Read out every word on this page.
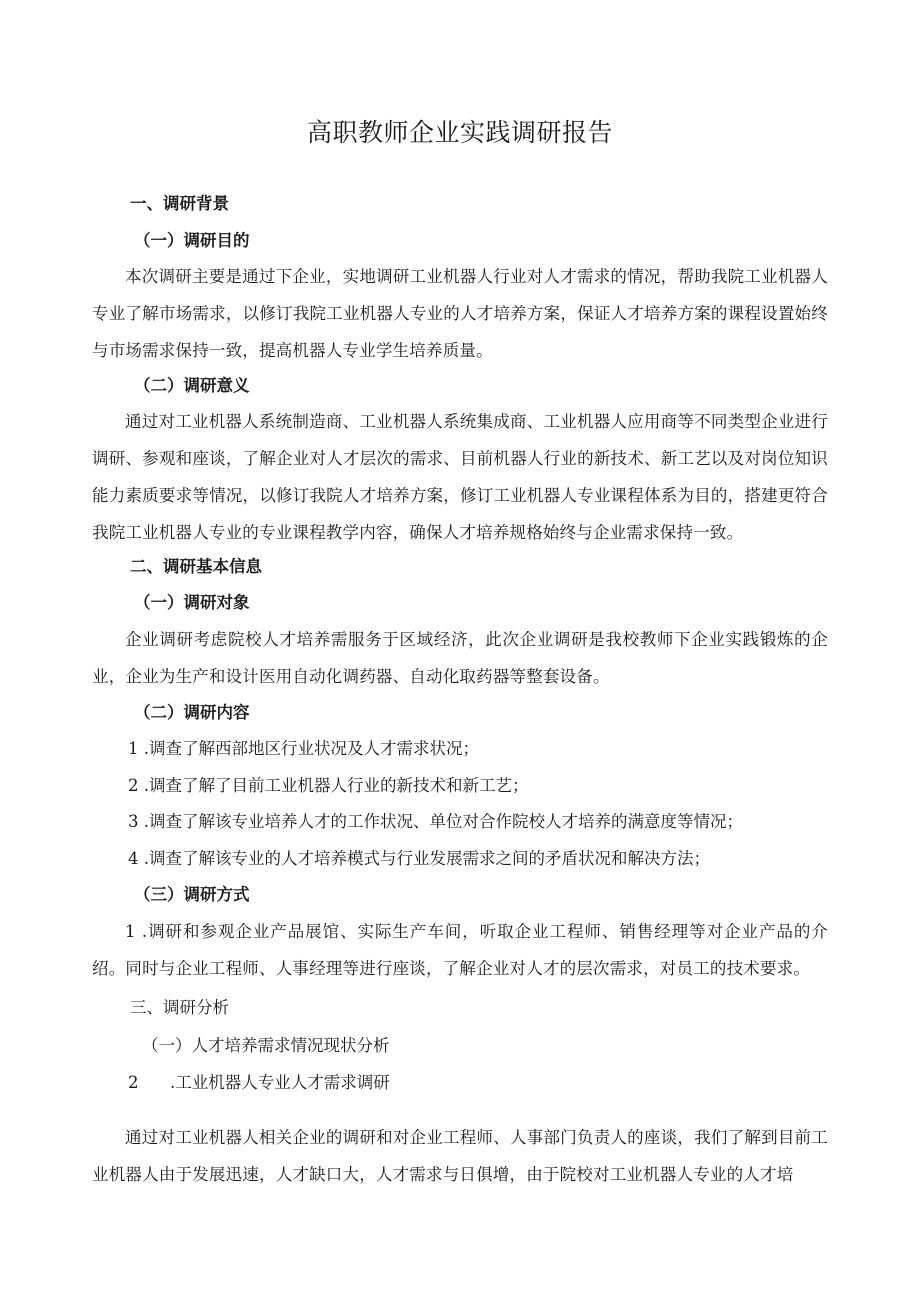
高职教师企业实践调研报告
一、调研背景
（一）调研目的

本次调研主要是通过下企业，实地调研工业机器人行业对人才需求的情况，帮助我院工业机器人专业了解市场需求，以修订我院工业机器人专业的人才培养方案，保证人才培养方案的课程设置始终与市场需求保持一致，提高机器人专业学生培养质量。

（二）调研意义

通过对工业机器人系统制造商、工业机器人系统集成商、工业机器人应用商等不同类型企业进行调研、参观和座谈，了解企业对人才层次的需求、目前机器人行业的新技术、新工艺以及对岗位知识能力素质要求等情况，以修订我院人才培养方案，修订工业机器人专业课程体系为目的，搭建更符合我院工业机器人专业的专业课程教学内容，确保人才培养规格始终与企业需求保持一致。

二、调研基本信息
（一）调研对象

企业调研考虑院校人才培养需服务于区域经济，此次企业调研是我校教师下企业实践锻炼的企业，企业为生产和设计医用自动化调药器、自动化取药器等整套设备。

（二）调研内容
1 .调查了解西部地区行业状况及人才需求状况；
2 .调查了解了目前工业机器人行业的新技术和新工艺；
3 .调查了解该专业培养人才的工作状况、单位对合作院校人才培养的满意度等情况；
4 .调查了解该专业的人才培养模式与行业发展需求之间的矛盾状况和解决方法；
（三）调研方式

1 .调研和参观企业产品展馆、实际生产车间，听取企业工程师、销售经理等对企业产品的介绍。同时与企业工程师、人事经理等进行座谈，了解企业对人才的层次需求，对员工的技术要求。

三、调研分析
（一）人才培养需求情况现状分析
2 .工业机器人专业人才需求调研

通过对工业机器人相关企业的调研和对企业工程师、人事部门负责人的座谈，我们了解到目前工业机器人由于发展迅速，人才缺口大，人才需求与日俱增，由于院校对工业机器人专业的人才培
